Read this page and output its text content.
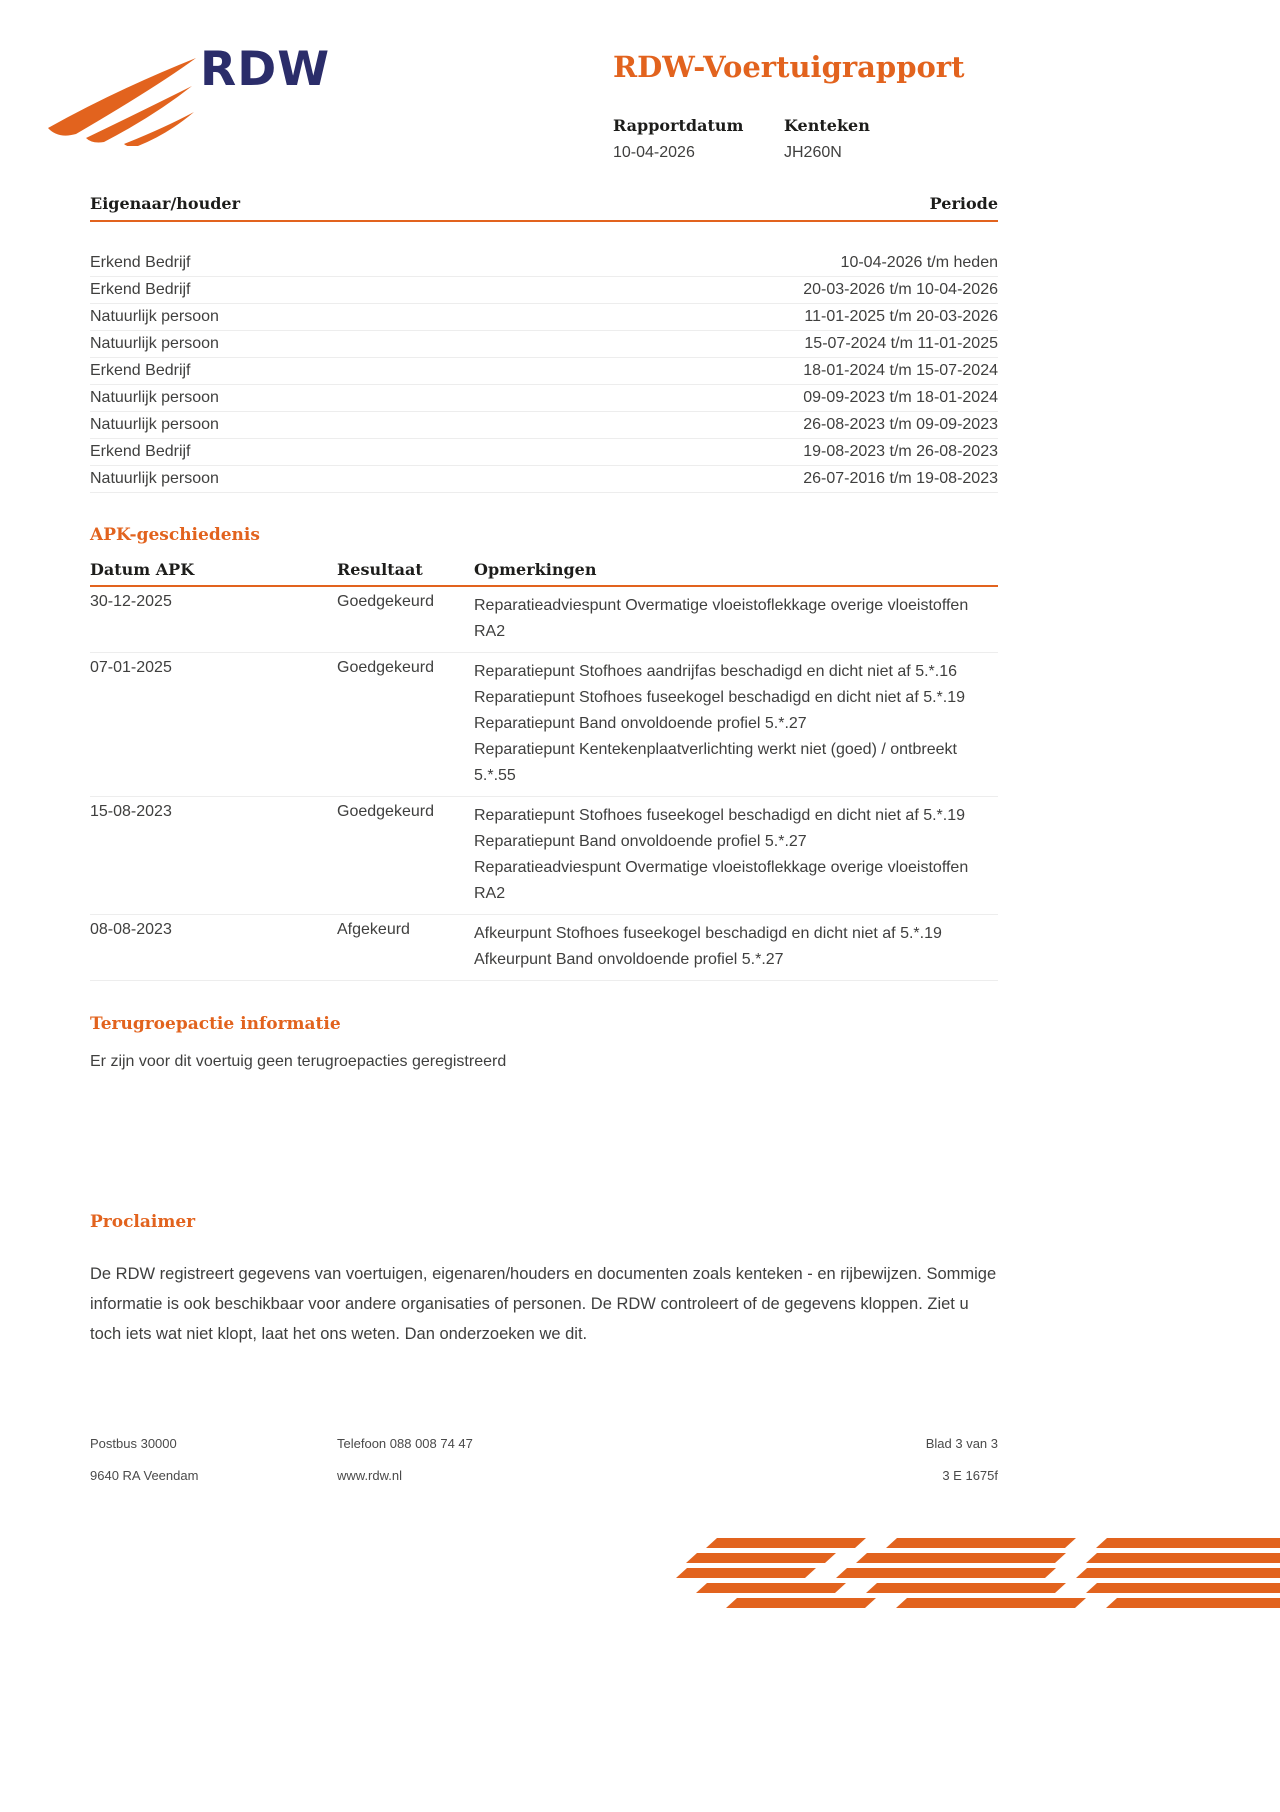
RDW	RDW-Voertuigrapport
Rapportdatum
10-04-2026
Kenteken
JH260N
Eigenaar/houder	Periode
Erkend Bedrijf	10-04-2026 t/m heden
Erkend Bedrijf	20-03-2026 t/m 10-04-2026
Natuurlijk persoon	11-01-2025 t/m 20-03-2026
Natuurlijk persoon	15-07-2024 t/m 11-01-2025
Erkend Bedrijf	18-01-2024 t/m 15-07-2024
Natuurlijk persoon	09-09-2023 t/m 18-01-2024
Natuurlijk persoon	26-08-2023 t/m 09-09-2023
Erkend Bedrijf	19-08-2023 t/m 26-08-2023
Natuurlijk persoon	26-07-2016 t/m 19-08-2023
APK-geschiedenis
Datum APK	Resultaat	Opmerkingen
30-12-2025	Goedgekeurd	Reparatieadviespunt Overmatige vloeistoflekkage overige vloeistoffen RA2
07-01-2025	Goedgekeurd	Reparatiepunt Stofhoes aandrijfas beschadigd en dicht niet af 5.*.16
Reparatiepunt Stofhoes fuseekogel beschadigd en dicht niet af 5.*.19
Reparatiepunt Band onvoldoende profiel 5.*.27
Reparatiepunt Kentekenplaatverlichting werkt niet (goed) / ontbreekt 5.*.55
15-08-2023	Goedgekeurd	Reparatiepunt Stofhoes fuseekogel beschadigd en dicht niet af 5.*.19
Reparatiepunt Band onvoldoende profiel 5.*.27
Reparatieadviespunt Overmatige vloeistoflekkage overige vloeistoffen RA2
08-08-2023	Afgekeurd	Afkeurpunt Stofhoes fuseekogel beschadigd en dicht niet af 5.*.19
Afkeurpunt Band onvoldoende profiel 5.*.27
Terugroepactie informatie

Er zijn voor dit voertuig geen terugroepacties geregistreerd

Proclaimer

De RDW registreert gegevens van voertuigen, eigenaren/houders en documenten zoals kenteken - en rijbewijzen. Sommige informatie is ook beschikbaar voor andere organisaties of personen. De RDW controleert of de gegevens kloppen. Ziet u toch iets wat niet klopt, laat het ons weten. Dan onderzoeken we dit.

Postbus 30000	Telefoon 088 008 74 47	Blad 3 van 3
9640 RA Veendam	www.rdw.nl	3 E 1675f
